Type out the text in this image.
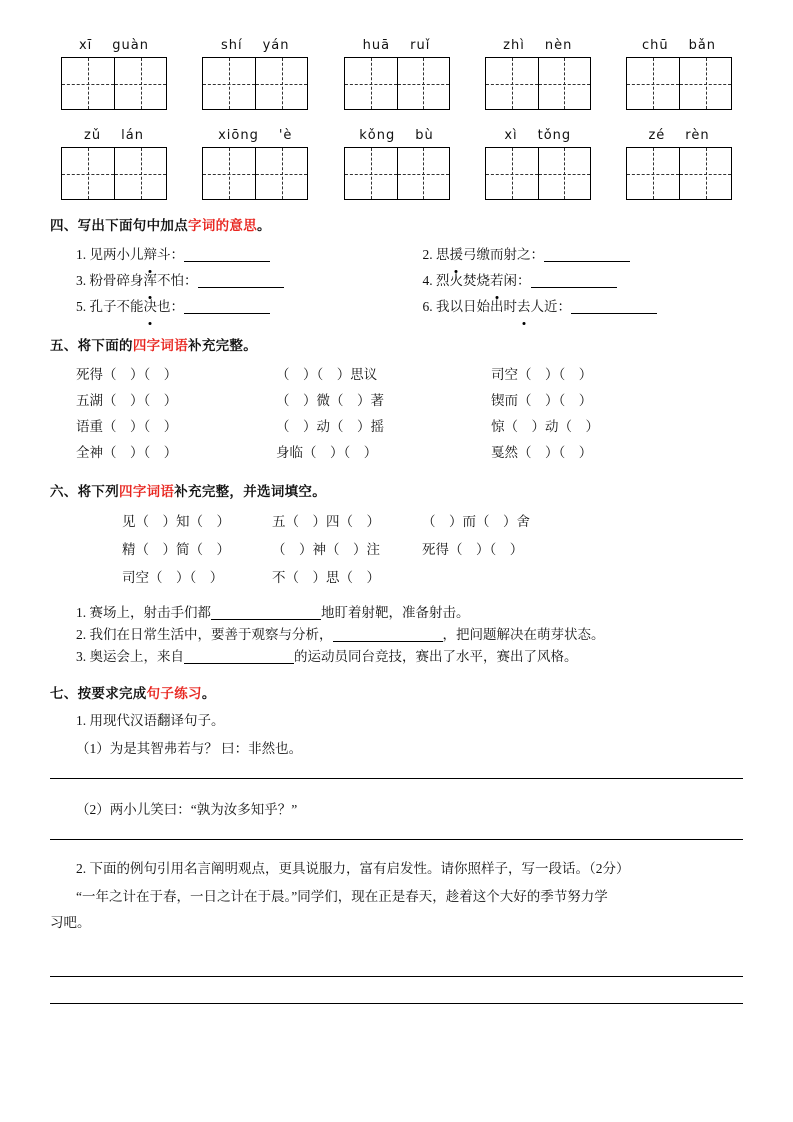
xī guàn	shí yán	huā ruǐ	zhì nèn	chū bǎn
zǔ lán	xiōng 'è	kǒng bù	xì tǒng	zé rèn
四、写出下面句中加点字词的意思。
1. 见两小儿辩斗：	2. 思援弓缴而射之：
3. 粉骨碎身浑不怕：	4. 烈火焚烧若闲：
5. 孔子不能决也：	6. 我以日始出时去人近：
五、将下面的四字词语补充完整。
死得（　）（　）	（　）（　）思议	司空（　）（　）
五湖（　）（　）	（　）微（　）著	锲而（　）（　）
语重（　）（　）	（　）动（　）摇	惊（　）动（　）
全神（　）（　）	身临（　）（　）	戛然（　）（　）
六、将下列四字词语补充完整，并选词填空。
见（　）知（　）	五（　）四（　）	（　）而（　）舍
精（　）简（　）	（　）神（　）注	死得（　）（　）
司空（　）（　）	不（　）思（　）
1. 赛场上，射击手们都	地盯着射靶，准备射击。
2. 我们在日常生活中，要善于观察与分析，	，把问题解决在萌芽状态。
3. 奥运会上，来自	的运动员同台竞技，赛出了水平，赛出了风格。
七、按要求完成句子练习。
1. 用现代汉语翻译句子。
（1）为是其智弗若与？ 曰：非然也。
（2）两小儿笑曰：“孰为汝多知乎？”
2. 下面的例句引用名言阐明观点，更具说服力，富有启发性。请你照样子，写一段话。（2分）
“一年之计在于春，一日之计在于晨。”同学们，现在正是春天，趁着这个大好的季节努力学
习吧。
